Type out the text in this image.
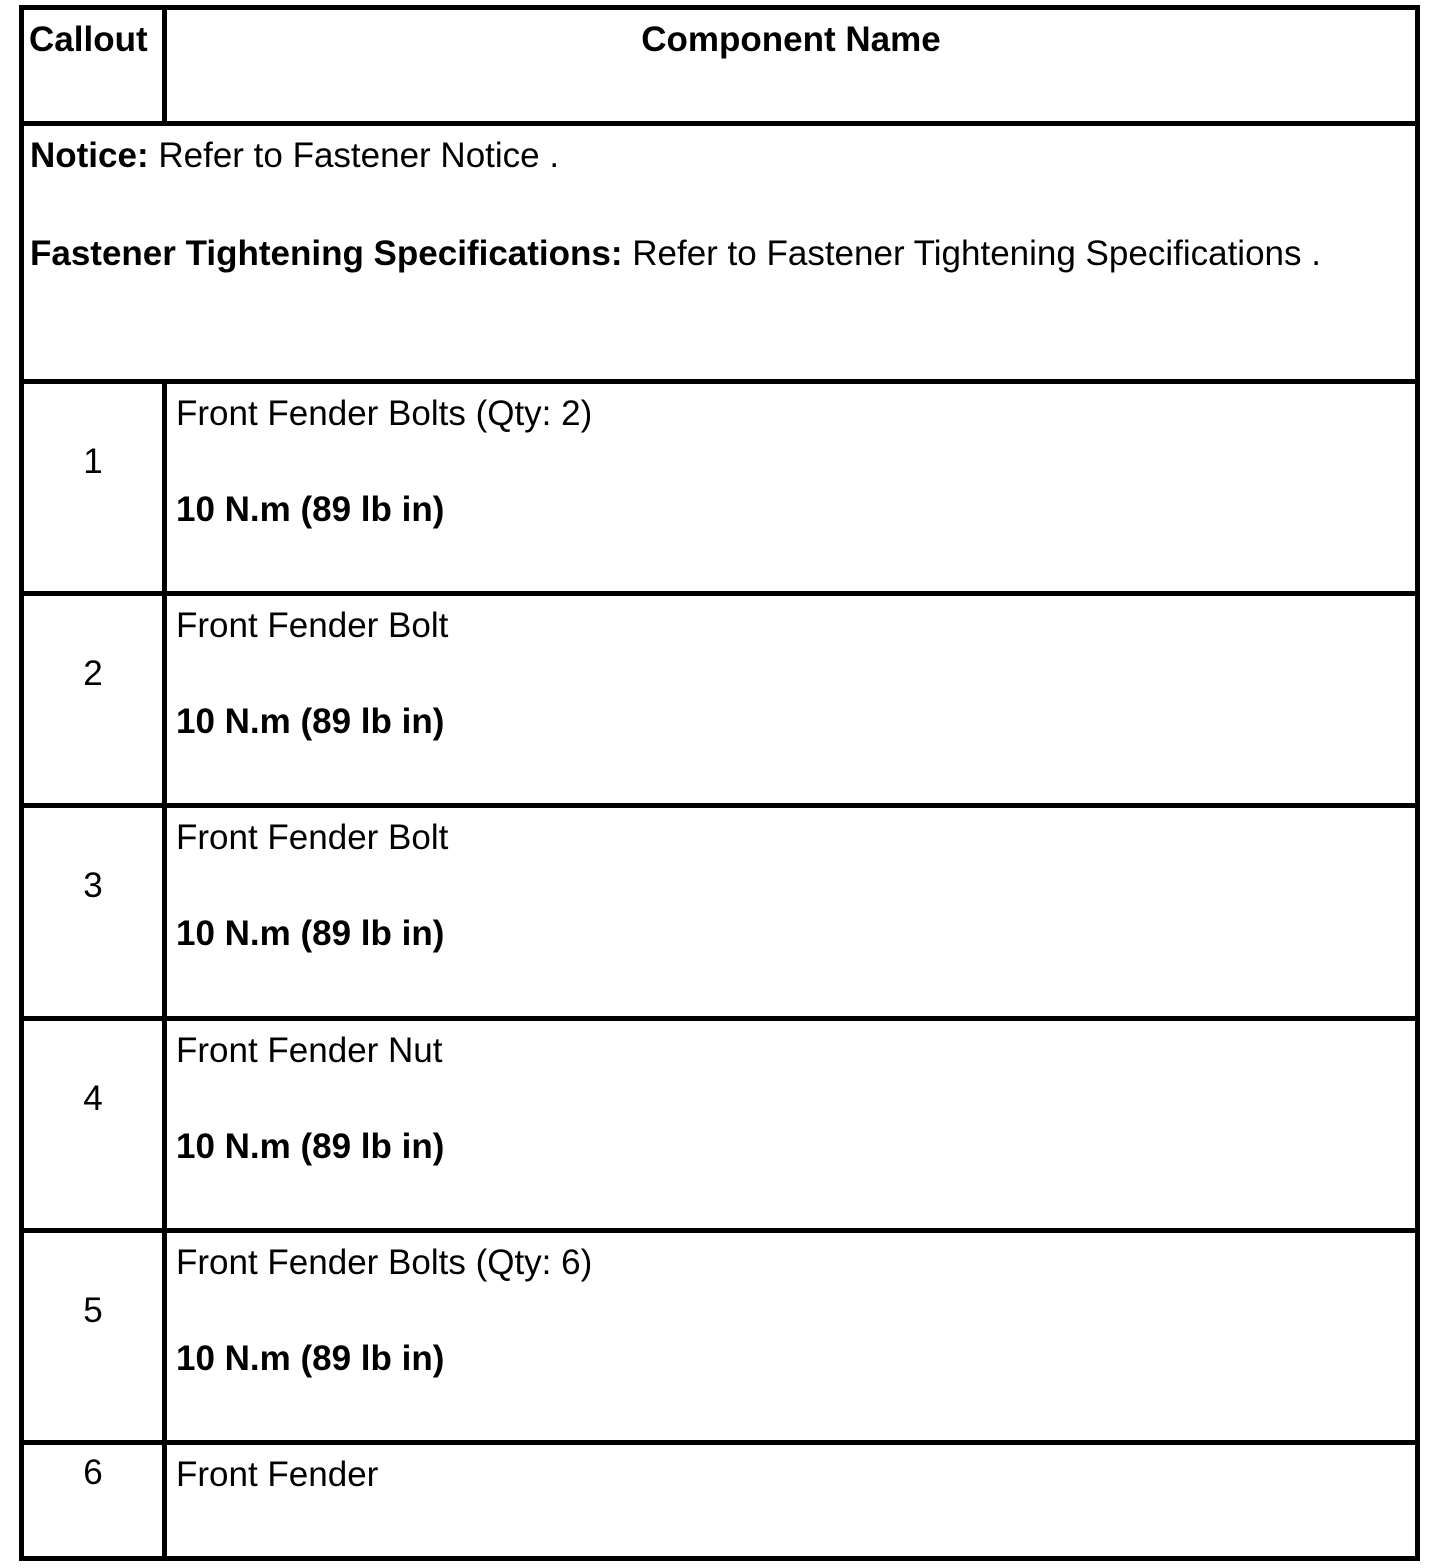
Callout	Component Name

Notice: Refer to Fastener Notice .

Fastener Tightening Specifications: Refer to Fastener Tightening Specifications .	

1	Front Fender Bolts (Qty: 2)
10 N.m (89 lb in)

2	Front Fender Bolt
10 N.m (89 lb in)

3	Front Fender Bolt
10 N.m (89 lb in)

4	Front Fender Nut
10 N.m (89 lb in)

5	Front Fender Bolts (Qty: 6)
10 N.m (89 lb in)

6	Front Fender
